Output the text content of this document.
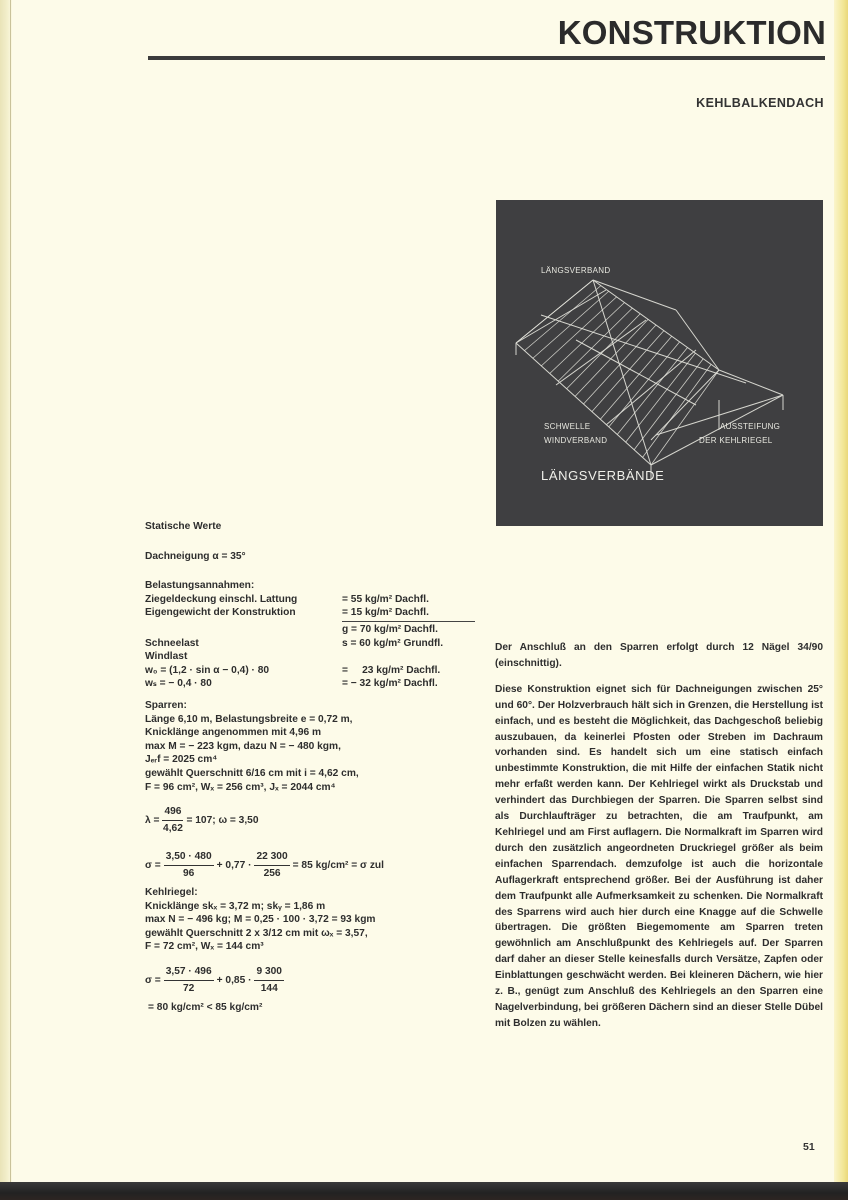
KONSTRUKTION
KEHLBALKENDACH
LÄNGSVERBAND
SCHWELLE
WINDVERBAND
AUSSTEIFUNG
DER KEHLRIEGEL
LÄNGSVERBÄNDE
Statische Werte
Dachneigung α = 35°
Belastungsannahmen:
Ziegeldeckung einschl. Lattung	= 55 kg/m² Dachfl.
Eigengewicht der Konstruktion	= 15 kg/m² Dachfl.
g = 70 kg/m² Dachfl.
Schneelast	s = 60 kg/m² Grundfl.
Windlast
w₀ = (1,2 · sin α − 0,4) · 80	=     23 kg/m² Dachfl.
wₛ = − 0,4 · 80	= − 32 kg/m² Dachfl.
Sparren:
Länge 6,10 m, Belastungsbreite e = 0,72 m,
Knicklänge angenommen mit 4,96 m
max M = − 223 kgm, dazu N = − 480 kgm,
Jₑᵣf = 2025 cm⁴
gewählt Querschnitt 6/16 cm mit i = 4,62 cm,
F = 96 cm², Wₓ = 256 cm³, Jₓ = 2044 cm⁴
$\lambda = \frac{496}{4,62} = 107$; ω = 3,50
$\sigma = \frac{3,50 \cdot 480}{96} + 0,77 \cdot \frac{22 300}{256} = 85$ kg/cm² = σ zul
Kehlriegel:
Knicklänge skₓ = 3,72 m; skᵧ = 1,86 m
max N = − 496 kg; M = 0,25 · 100 · 3,72 = 93 kgm
gewählt Querschnitt 2 x 3/12 cm mit ωₓ = 3,57,
F = 72 cm², Wₓ = 144 cm³
$\sigma = \frac{3,57 \cdot 496}{72} + 0,85 \cdot \frac{9 300}{144}$
= 80 kg/cm² < 85 kg/cm²

Der Anschluß an den Sparren erfolgt durch 12 Nägel 34/90 (einschnittig).

Diese Konstruktion eignet sich für Dachneigungen zwischen 25° und 60°. Der Holzverbrauch hält sich in Grenzen, die Herstellung ist einfach, und es besteht die Möglichkeit, das Dachgeschoß beliebig auszubauen, da keinerlei Pfosten oder Streben im Dachraum vorhanden sind. Es handelt sich um eine statisch einfach unbestimmte Konstruktion, die mit Hilfe der einfachen Statik nicht mehr erfaßt werden kann. Der Kehlriegel wirkt als Druckstab und verhindert das Durchbiegen der Sparren. Die Sparren selbst sind als Durchlaufträger zu betrachten, die am Traufpunkt, am Kehlriegel und am First auflagern. Die Normalkraft im Sparren wird durch den zusätzlich angeordneten Druckriegel größer als beim einfachen Sparrendach. demzufolge ist auch die horizontale Auflagerkraft entsprechend größer. Bei der Ausführung ist daher dem Traufpunkt alle Aufmerksamkeit zu schenken. Die Normalkraft des Sparrens wird auch hier durch eine Knagge auf die Schwelle übertragen. Die größten Biegemomente am Sparren treten gewöhnlich am Anschlußpunkt des Kehlriegels auf. Der Sparren darf daher an dieser Stelle keinesfalls durch Versätze, Zapfen oder Einblattungen geschwächt werden. Bei kleineren Dächern, wie hier z. B., genügt zum Anschluß des Kehlriegels an den Sparren eine Nagelverbindung, bei größeren Dächern sind an dieser Stelle Dübel mit Bolzen zu wählen.

51
